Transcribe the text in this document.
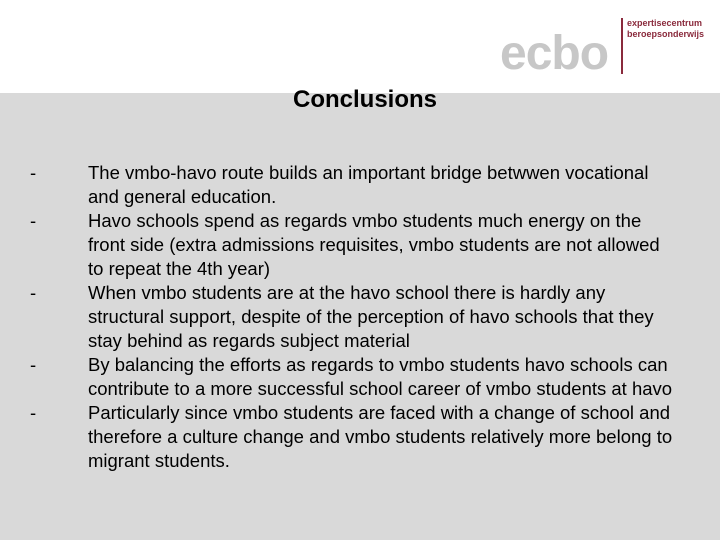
ecbo
expertisecentrum
beroepsonderwijs
Conclusions
-	The vmbo-havo route builds an important bridge betwwen vocational and general education.
-	Havo schools spend as regards vmbo students much energy on the front side (extra admissions requisites, vmbo students are not allowed to repeat the 4th year)
-	When vmbo students are at the havo school there is hardly any structural support, despite of the perception of havo schools that they stay behind as regards subject material
-	By balancing the efforts as regards to vmbo students havo schools can contribute to a more successful school career of vmbo students at havo
-	Particularly since vmbo students are faced with a change of school and therefore a culture change and vmbo students relatively more belong to migrant students.
